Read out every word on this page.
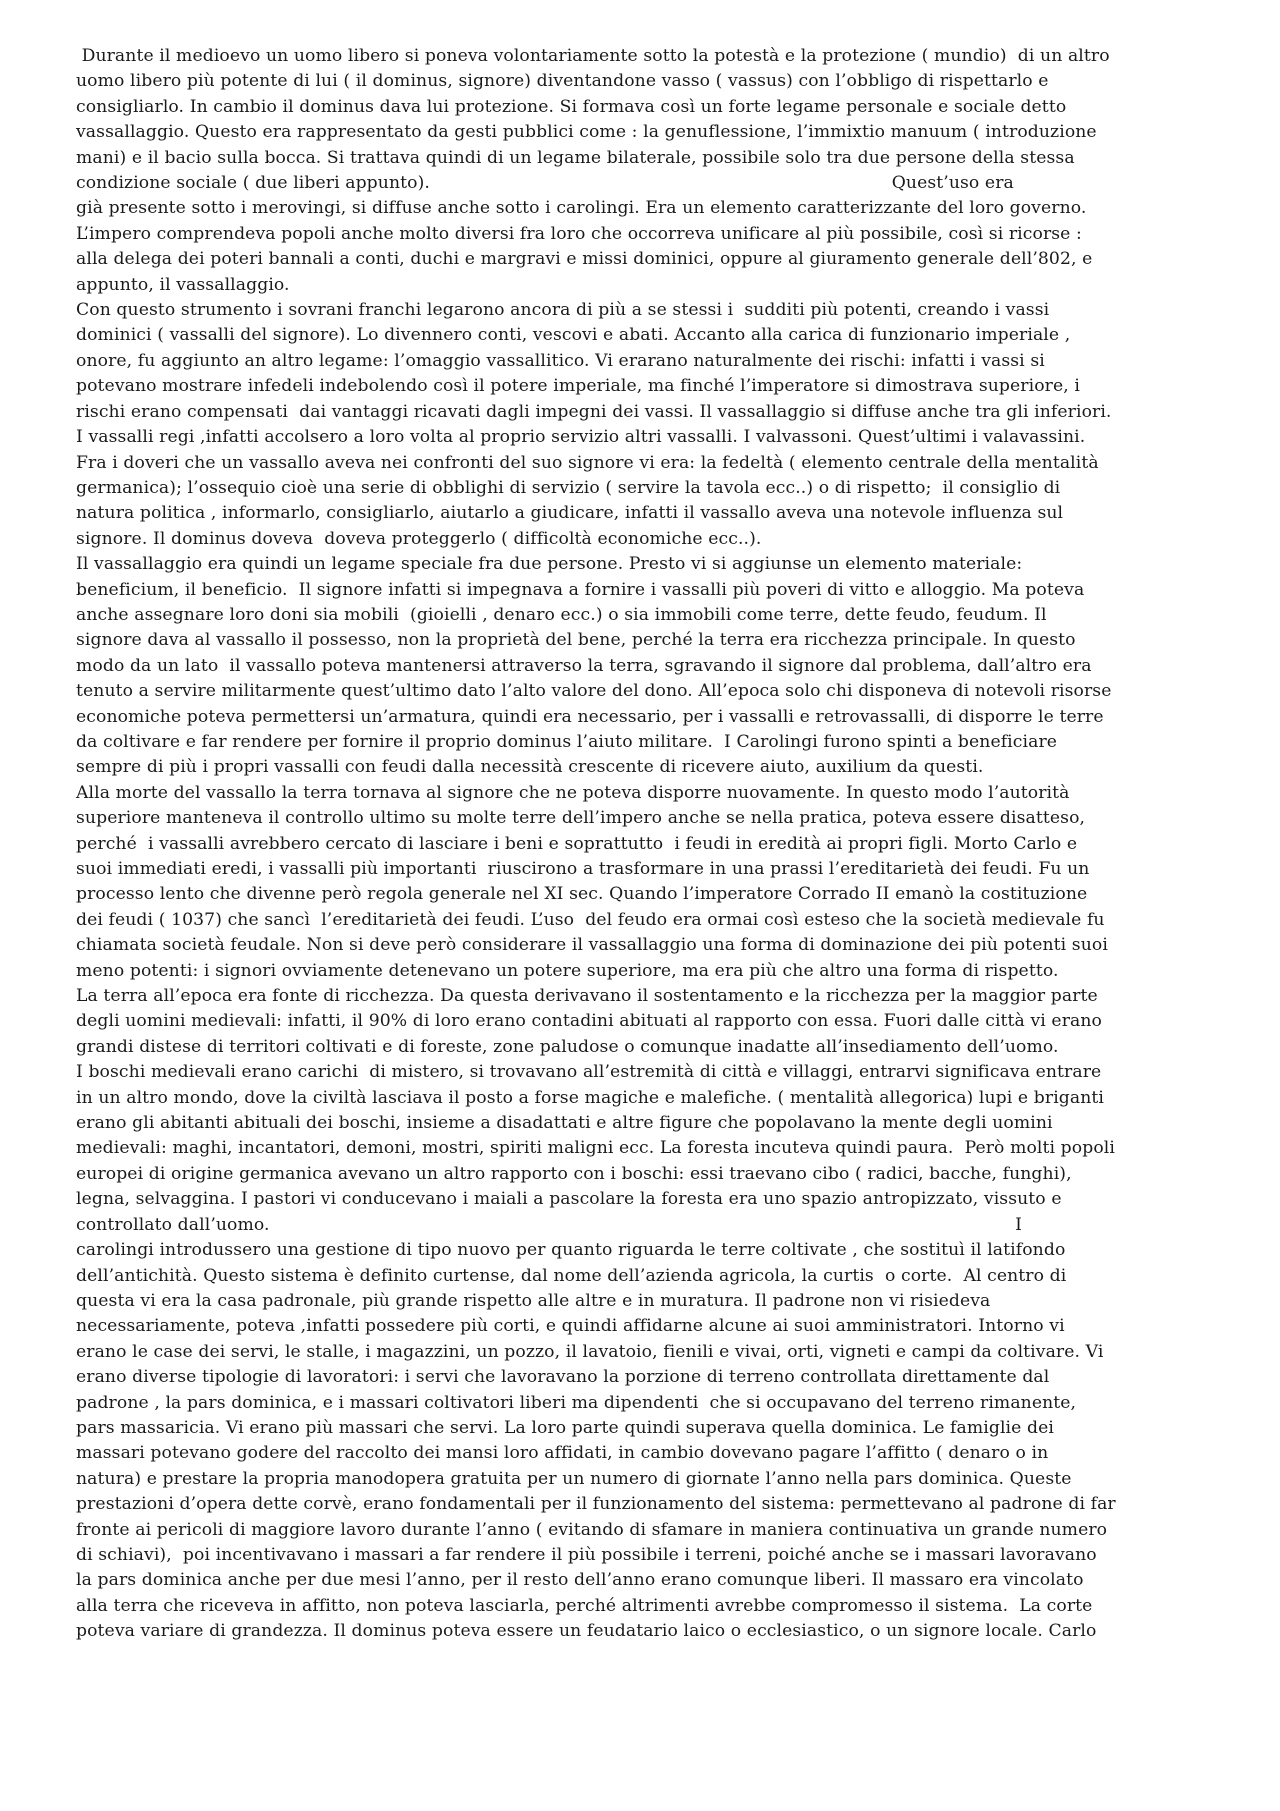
Durante il medioevo un uomo libero si poneva volontariamente sotto la potestà e la protezione ( mundio)  di un altro
uomo libero più potente di lui ( il dominus, signore) diventandone vasso ( vassus) con l’obbligo di rispettarlo e
consigliarlo. In cambio il dominus dava lui protezione. Si formava così un forte legame personale e sociale detto
vassallaggio. Questo era rappresentato da gesti pubblici come : la genuflessione, l’immixtio manuum ( introduzione
mani) e il bacio sulla bocca. Si trattava quindi di un legame bilaterale, possibile solo tra due persone della stessa
condizione sociale ( due liberi appunto).                                                                                   Quest’uso era
già presente sotto i merovingi, si diffuse anche sotto i carolingi. Era un elemento caratterizzante del loro governo.
L’impero comprendeva popoli anche molto diversi fra loro che occorreva unificare al più possibile, così si ricorse :
alla delega dei poteri bannali a conti, duchi e margravi e missi dominici, oppure al giuramento generale dell’802, e
appunto, il vassallaggio.
Con questo strumento i sovrani franchi legarono ancora di più a se stessi i  sudditi più potenti, creando i vassi
dominici ( vassalli del signore). Lo divennero conti, vescovi e abati. Accanto alla carica di funzionario imperiale ,
onore, fu aggiunto an altro legame: l’omaggio vassallitico. Vi erarano naturalmente dei rischi: infatti i vassi si
potevano mostrare infedeli indebolendo così il potere imperiale, ma finché l’imperatore si dimostrava superiore, i
rischi erano compensati  dai vantaggi ricavati dagli impegni dei vassi. Il vassallaggio si diffuse anche tra gli inferiori.
I vassalli regi ,infatti accolsero a loro volta al proprio servizio altri vassalli. I valvassoni. Quest’ultimi i valavassini.
Fra i doveri che un vassallo aveva nei confronti del suo signore vi era: la fedeltà ( elemento centrale della mentalità
germanica); l’ossequio cioè una serie di obblighi di servizio ( servire la tavola ecc..) o di rispetto;  il consiglio di
natura politica , informarlo, consigliarlo, aiutarlo a giudicare, infatti il vassallo aveva una notevole influenza sul
signore. Il dominus doveva  doveva proteggerlo ( difficoltà economiche ecc..).
Il vassallaggio era quindi un legame speciale fra due persone. Presto vi si aggiunse un elemento materiale:
beneficium, il beneficio.  Il signore infatti si impegnava a fornire i vassalli più poveri di vitto e alloggio. Ma poteva
anche assegnare loro doni sia mobili  (gioielli , denaro ecc.) o sia immobili come terre, dette feudo, feudum. Il
signore dava al vassallo il possesso, non la proprietà del bene, perché la terra era ricchezza principale. In questo
modo da un lato  il vassallo poteva mantenersi attraverso la terra, sgravando il signore dal problema, dall’altro era
tenuto a servire militarmente quest’ultimo dato l’alto valore del dono. All’epoca solo chi disponeva di notevoli risorse
economiche poteva permettersi un’armatura, quindi era necessario, per i vassalli e retrovassalli, di disporre le terre
da coltivare e far rendere per fornire il proprio dominus l’aiuto militare.  I Carolingi furono spinti a beneficiare
sempre di più i propri vassalli con feudi dalla necessità crescente di ricevere aiuto, auxilium da questi.
Alla morte del vassallo la terra tornava al signore che ne poteva disporre nuovamente. In questo modo l’autorità
superiore manteneva il controllo ultimo su molte terre dell’impero anche se nella pratica, poteva essere disatteso,
perché  i vassalli avrebbero cercato di lasciare i beni e soprattutto  i feudi in eredità ai propri figli. Morto Carlo e
suoi immediati eredi, i vassalli più importanti  riuscirono a trasformare in una prassi l’ereditarietà dei feudi. Fu un
processo lento che divenne però regola generale nel XI sec. Quando l’imperatore Corrado II emanò la costituzione
dei feudi ( 1037) che sancì  l’ereditarietà dei feudi. L’uso  del feudo era ormai così esteso che la società medievale fu
chiamata società feudale. Non si deve però considerare il vassallaggio una forma di dominazione dei più potenti suoi
meno potenti: i signori ovviamente detenevano un potere superiore, ma era più che altro una forma di rispetto.
La terra all’epoca era fonte di ricchezza. Da questa derivavano il sostentamento e la ricchezza per la maggior parte
degli uomini medievali: infatti, il 90% di loro erano contadini abituati al rapporto con essa. Fuori dalle città vi erano
grandi distese di territori coltivati e di foreste, zone paludose o comunque inadatte all’insediamento dell’uomo.
I boschi medievali erano carichi  di mistero, si trovavano all’estremità di città e villaggi, entrarvi significava entrare
in un altro mondo, dove la civiltà lasciava il posto a forse magiche e malefiche. ( mentalità allegorica) lupi e briganti
erano gli abitanti abituali dei boschi, insieme a disadattati e altre figure che popolavano la mente degli uomini
medievali: maghi, incantatori, demoni, mostri, spiriti maligni ecc. La foresta incuteva quindi paura.  Però molti popoli
europei di origine germanica avevano un altro rapporto con i boschi: essi traevano cibo ( radici, bacche, funghi),
legna, selvaggina. I pastori vi conducevano i maiali a pascolare la foresta era uno spazio antropizzato, vissuto e
controllato dall’uomo.                                                                                                                                      I
carolingi introdussero una gestione di tipo nuovo per quanto riguarda le terre coltivate , che sostituì il latifondo
dell’antichità. Questo sistema è definito curtense, dal nome dell’azienda agricola, la curtis  o corte.  Al centro di
questa vi era la casa padronale, più grande rispetto alle altre e in muratura. Il padrone non vi risiedeva
necessariamente, poteva ,infatti possedere più corti, e quindi affidarne alcune ai suoi amministratori. Intorno vi
erano le case dei servi, le stalle, i magazzini, un pozzo, il lavatoio, fienili e vivai, orti, vigneti e campi da coltivare. Vi
erano diverse tipologie di lavoratori: i servi che lavoravano la porzione di terreno controllata direttamente dal
padrone , la pars dominica, e i massari coltivatori liberi ma dipendenti  che si occupavano del terreno rimanente,
pars massaricia. Vi erano più massari che servi. La loro parte quindi superava quella dominica. Le famiglie dei
massari potevano godere del raccolto dei mansi loro affidati, in cambio dovevano pagare l’affitto ( denaro o in
natura) e prestare la propria manodopera gratuita per un numero di giornate l’anno nella pars dominica. Queste
prestazioni d’opera dette corvè, erano fondamentali per il funzionamento del sistema: permettevano al padrone di far
fronte ai pericoli di maggiore lavoro durante l’anno ( evitando di sfamare in maniera continuativa un grande numero
di schiavi),  poi incentivavano i massari a far rendere il più possibile i terreni, poiché anche se i massari lavoravano
la pars dominica anche per due mesi l’anno, per il resto dell’anno erano comunque liberi. Il massaro era vincolato
alla terra che riceveva in affitto, non poteva lasciarla, perché altrimenti avrebbe compromesso il sistema.  La corte
poteva variare di grandezza. Il dominus poteva essere un feudatario laico o ecclesiastico, o un signore locale. Carlo
